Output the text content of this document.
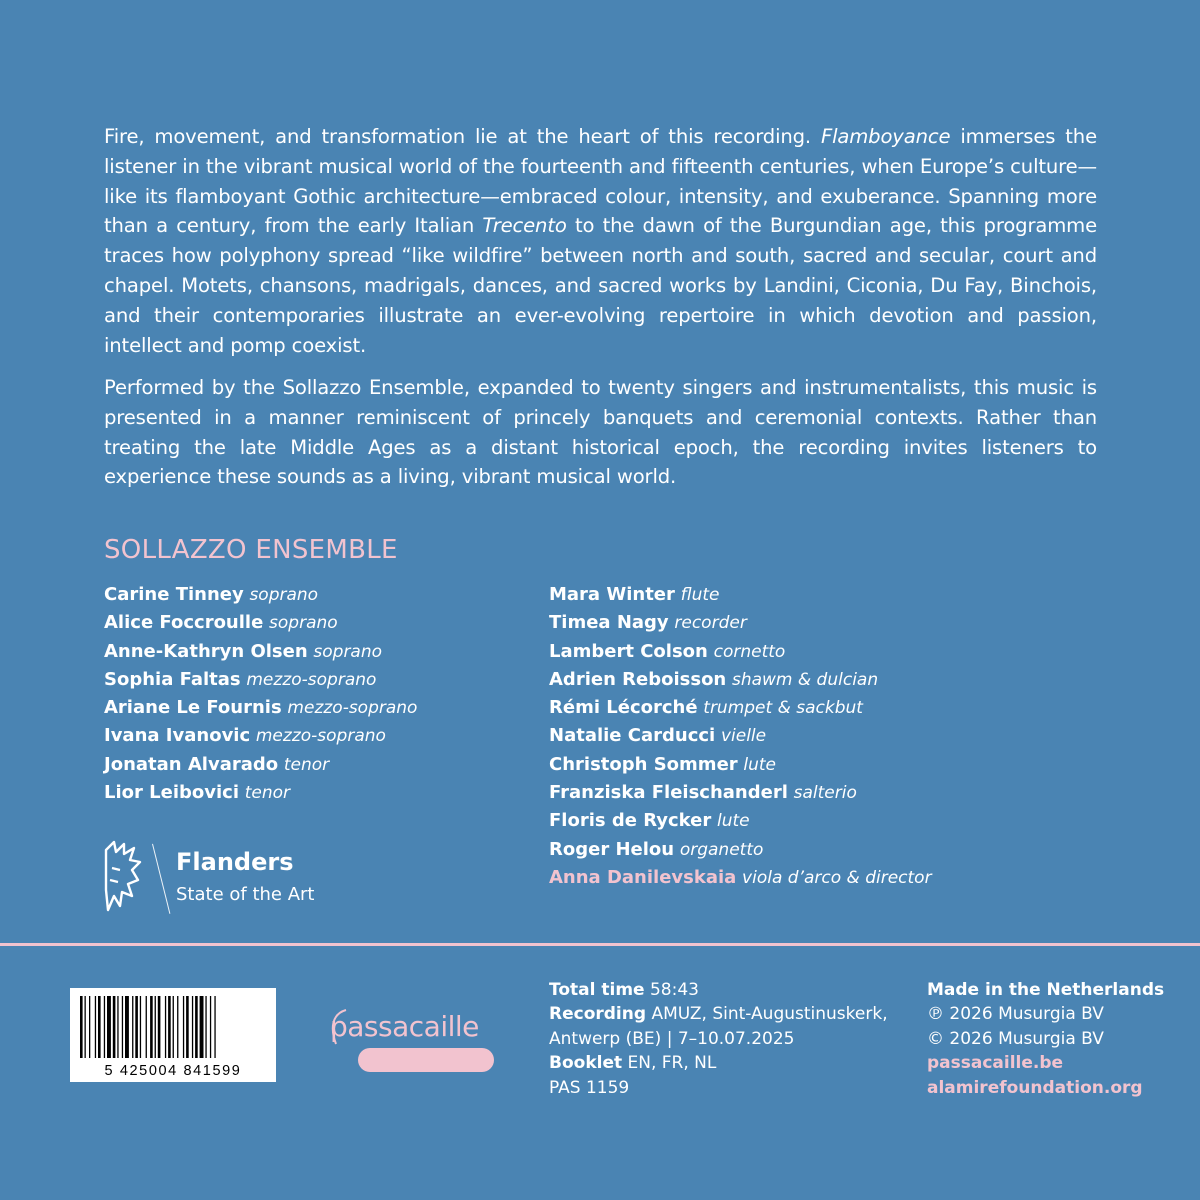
Fire, movement, and transformation lie at the heart of this recording. Flamboyance immerses the listener in the vibrant musical world of the fourteenth and fifteenth centuries, when Europe’s culture—like its flamboyant Gothic architecture—embraced colour, intensity, and exuberance. Spanning more than a century, from the early Italian Trecento to the dawn of the Burgundian age, this programme traces how polyphony spread “like wildfire” between north and south, sacred and secular, court and chapel. Motets, chansons, madrigals, dances, and sacred works by Landini, Ciconia, Du Fay, Binchois, and their contemporaries illustrate an ever-evolving repertoire in which devotion and passion, intellect and pomp coexist.

Performed by the Sollazzo Ensemble, expanded to twenty singers and instrumentalists, this music is presented in a manner reminiscent of princely banquets and ceremonial contexts. Rather than treating the late Middle Ages as a distant historical epoch, the recording invites listeners to experience these sounds as a living, vibrant musical world.

SOLLAZZO ENSEMBLE
Carine Tinney soprano
Alice Foccroulle soprano
Anne-Kathryn Olsen soprano
Sophia Faltas mezzo-soprano
Ariane Le Fournis mezzo-soprano
Ivana Ivanovic mezzo-soprano
Jonatan Alvarado tenor
Lior Leibovici tenor
Mara Winter flute
Timea Nagy recorder
Lambert Colson cornetto
Adrien Reboisson shawm & dulcian
Rémi Lécorché trumpet & sackbut
Natalie Carducci vielle
Christoph Sommer lute
Franziska Fleischanderl salterio
Floris de Rycker lute
Roger Helou organetto
Anna Danilevskaia viola d’arco & director
Flanders
State of the Art
5 425004 841599
passacaille
Total time 58:43
Recording AMUZ, Sint-Augustinuskerk,
Antwerp (BE) | 7–10.07.2025
Booklet EN, FR, NL
PAS 1159
Made in the Netherlands
℗ 2026 Musurgia BV
© 2026 Musurgia BV
passacaille.be
alamirefoundation.org
